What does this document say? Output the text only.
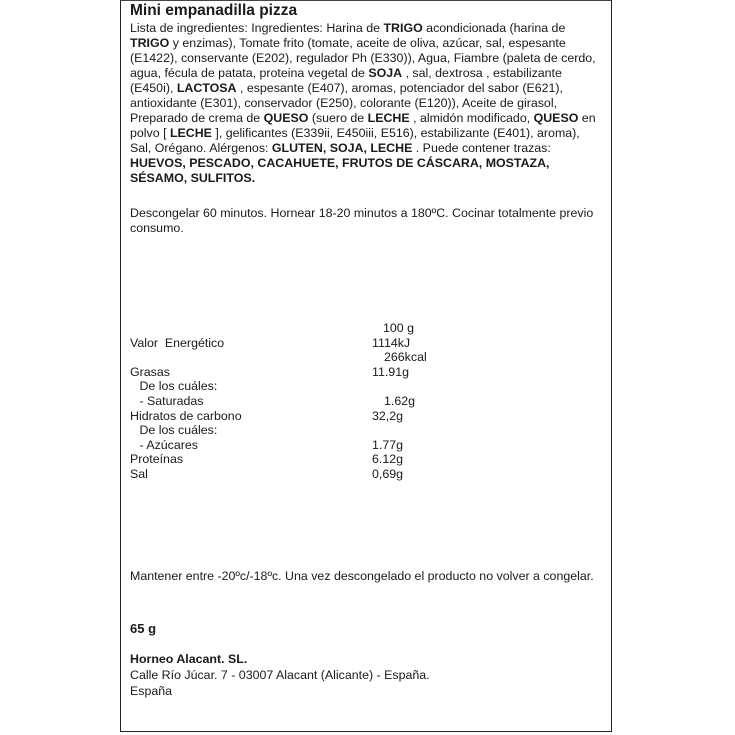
Mini empanadilla pizza

Lista de ingredientes: Ingredientes: Harina de TRIGO acondicionada (harina de TRIGO y enzimas), Tomate frito (tomate, aceite de oliva, azúcar, sal, espesante (E1422), conservante (E202), regulador Ph (E330)), Agua, Fiambre (paleta de cerdo, agua, fécula de patata, proteina vegetal de SOJA , sal, dextrosa , estabilizante (E450i), LACTOSA , espesante (E407), aromas, potenciador del sabor (E621), antioxidante (E301), conservador (E250), colorante (E120)), Aceite de girasol, Preparado de crema de QUESO (suero de LECHE , almidón modificado, QUESO en polvo [ LECHE ], gelificantes (E339ii, E450iii, E516), estabilizante (E401), aroma), Sal, Orégano. Alérgenos: GLUTEN, SOJA, LECHE . Puede contener trazas: HUEVOS, PESCADO, CACAHUETE, FRUTOS DE CÁSCARA, MOSTAZA, SÉSAMO, SULFITOS.

Descongelar 60 minutos. Hornear 18-20 minutos a 180ºC. Cocinar totalmente previo consumo.

100 g
Valor  Energético	1114kJ
266kcal
Grasas	11.91g
De los cuáles:
- Saturadas	1.62g
Hidratos de carbono	32,2g
De los cuáles:
- Azúcares	1.77g
Proteínas	6.12g
Sal	0,69g

Mantener entre -20ºc/-18ºc. Una vez descongelado el producto no volver a congelar.

65 g
Horneo Alacant. SL.
Calle Río Júcar. 7 - 03007 Alacant (Alicante) - España.
España
